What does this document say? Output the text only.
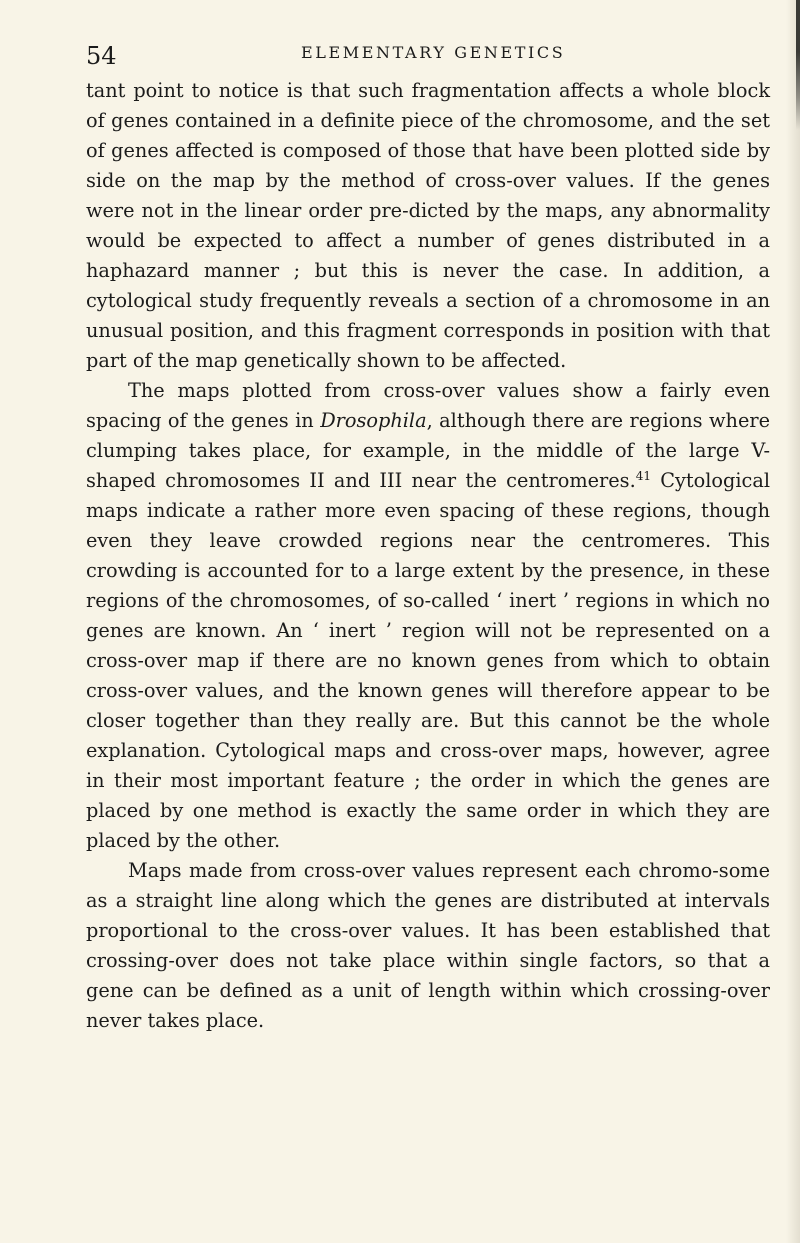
54	ELEMENTARY GENETICS

tant point to notice is that such fragmentation affects a whole block of genes contained in a definite piece of the chromosome, and the set of genes affected is composed of those that have been plotted side by side on the map by the method of cross-over values. If the genes were not in the linear order pre-dicted by the maps, any abnormality would be expected to affect a number of genes distributed in a haphazard manner ; but this is never the case. In addition, a cytological study frequently reveals a section of a chromosome in an unusual position, and this fragment corresponds in position with that part of the map genetically shown to be affected.

The maps plotted from cross-over values show a fairly even spacing of the genes in Drosophila, although there are regions where clumping takes place, for example, in the middle of the large V-shaped chromosomes II and III near the centromeres.$^{41}$ Cytological maps indicate a rather more even spacing of these regions, though even they leave crowded regions near the centromeres. This crowding is accounted for to a large extent by the presence, in these regions of the chromosomes, of so-called ‘ inert ’ regions in which no genes are known. An ‘ inert ’ region will not be represented on a cross-over map if there are no known genes from which to obtain cross-over values, and the known genes will therefore appear to be closer together than they really are. But this cannot be the whole explanation. Cytological maps and cross-over maps, however, agree in their most important feature ; the order in which the genes are placed by one method is exactly the same order in which they are placed by the other.

Maps made from cross-over values represent each chromo-some as a straight line along which the genes are distributed at intervals proportional to the cross-over values. It has been established that crossing-over does not take place within single factors, so that a gene can be defined as a unit of length within which crossing-over never takes place.
